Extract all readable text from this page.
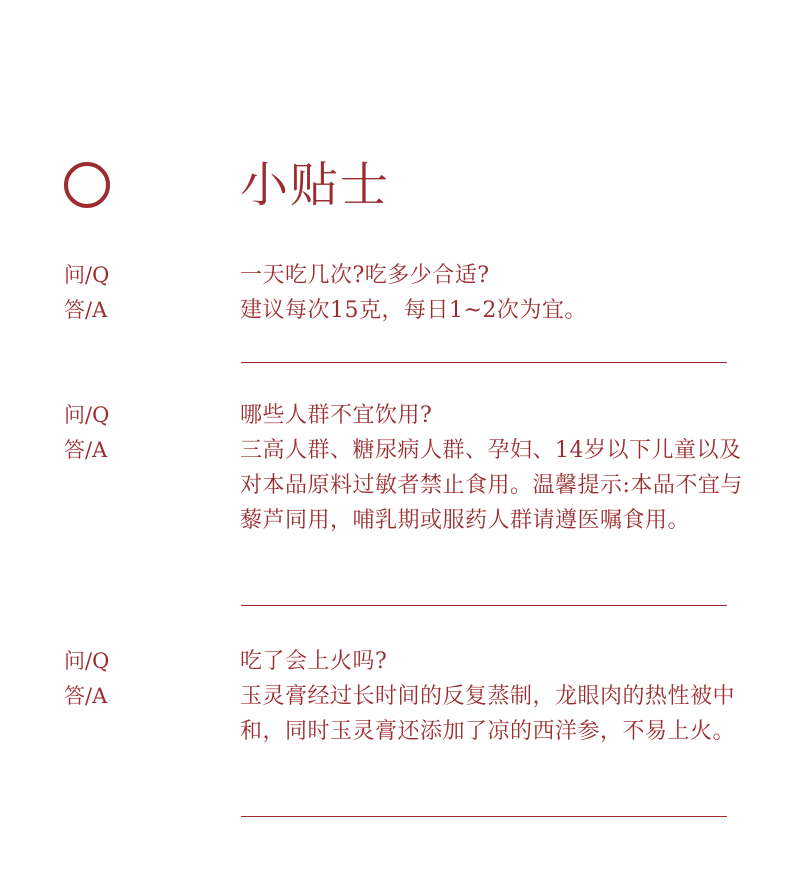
小贴士
问/Q
答/A
一天吃几次?吃多少合适?
建议每次15克，每日1~2次为宜。
问/Q
答/A
哪些人群不宜饮用?
三高人群、糖尿病人群、孕妇、14岁以下儿童以及对本品原料过敏者禁止食用。温馨提示:本品不宜与藜芦同用，哺乳期或服药人群请遵医嘱食用。
问/Q
答/A
吃了会上火吗?
玉灵膏经过长时间的反复蒸制，龙眼肉的热性被中和，同时玉灵膏还添加了凉的西洋参，不易上火。
